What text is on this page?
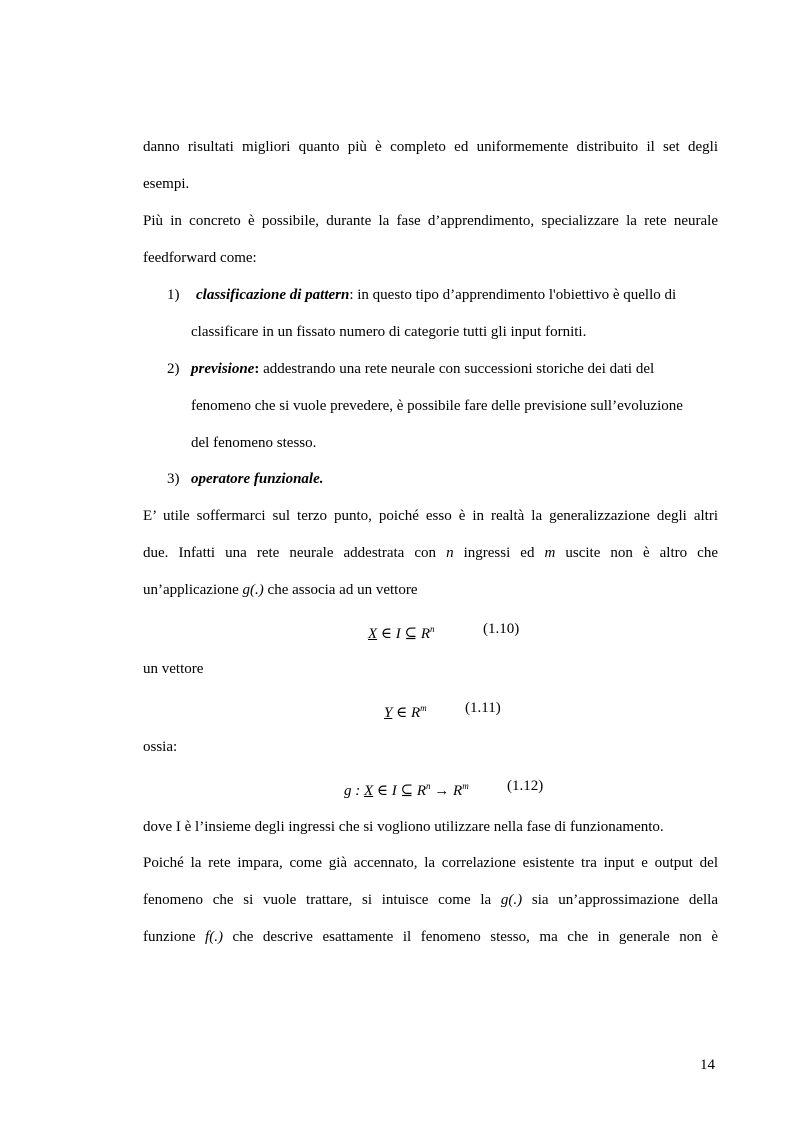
danno risultati migliori quanto più è completo ed uniformemente distribuito il set degli
esempi.
Più in concreto è possibile, durante la fase d’apprendimento, specializzare la rete neurale
feedforward come:
1) classificazione di pattern: in questo tipo d’apprendimento l'obiettivo è quello di
classificare in un fissato numero di categorie tutti gli input forniti.
2) previsione: addestrando una rete neurale con successioni storiche dei dati del
fenomeno che si vuole prevedere, è possibile fare delle previsione sull’evoluzione
del fenomeno stesso.
3) operatore funzionale.
E’ utile soffermarci sul terzo punto, poiché esso è in realtà la generalizzazione degli altri
due. Infatti una rete neurale addestrata con n ingressi ed m uscite non è altro che
un’applicazione g(.) che associa ad un vettore
X ∈ I ⊆ $R^n$	(1.10)
un vettore
Y ∈ $R^m$	(1.11)
ossia:
g : X ∈ I ⊆ $R^n \to R^m$	(1.12)
dove I è l’insieme degli ingressi che si vogliono utilizzare nella fase di funzionamento.
Poiché la rete impara, come già accennato, la correlazione esistente tra input e output del
fenomeno che si vuole trattare, si intuisce come la g(.) sia un’approssimazione della
funzione f(.) che descrive esattamente il fenomeno stesso, ma che in generale non è
14
